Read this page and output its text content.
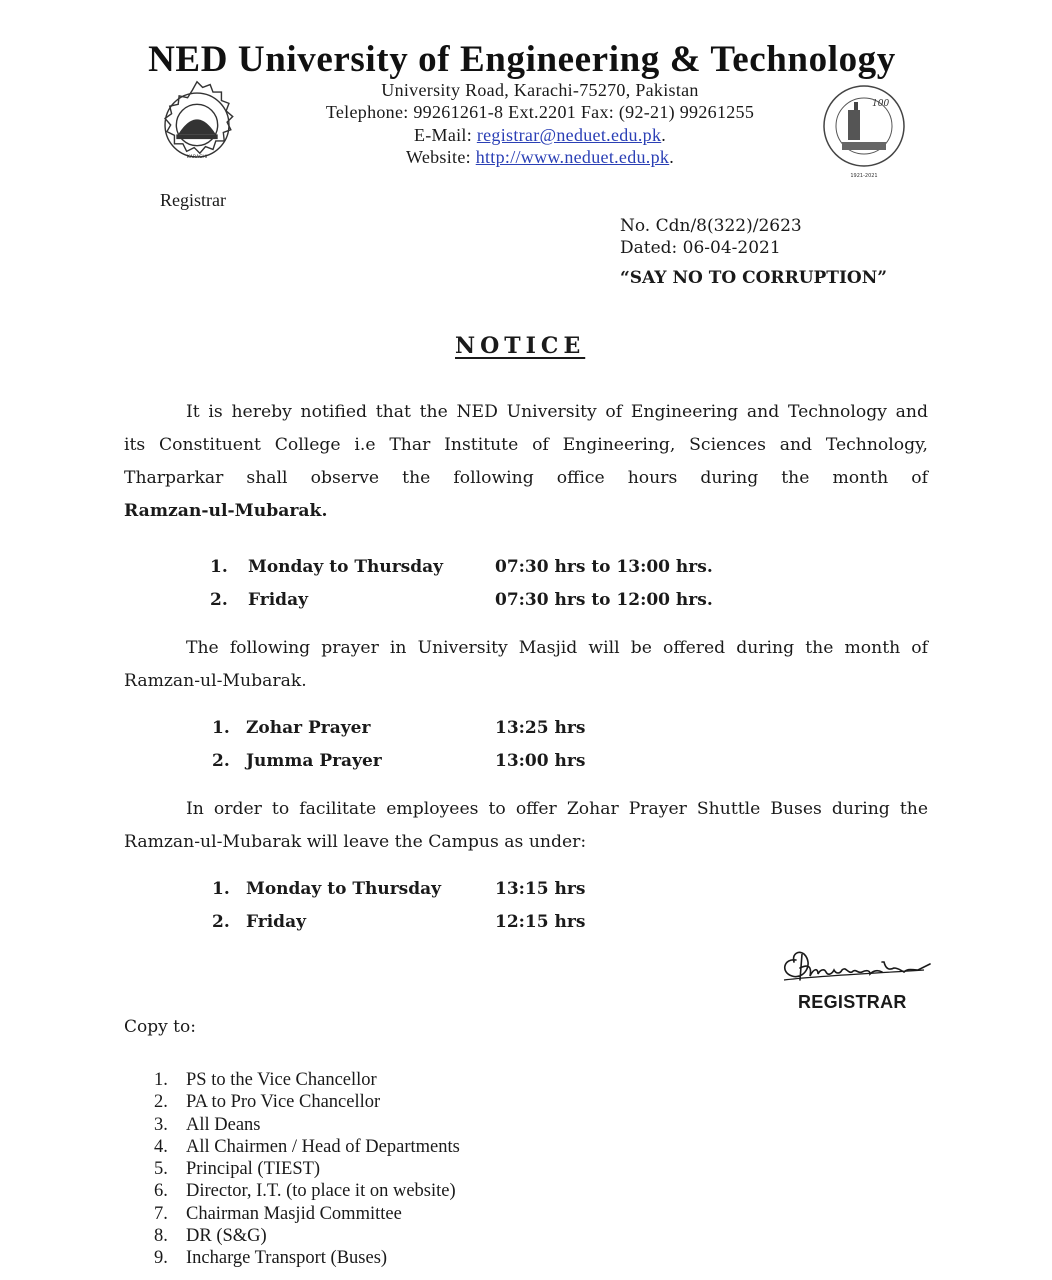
NED University of Engineering & Technology
KARACHI
University Road, Karachi-75270, Pakistan
Telephone: 99261261-8 Ext.2201 Fax: (92-21) 99261255
E-Mail: registrar@neduet.edu.pk.
Website: http://www.neduet.edu.pk.
100
1921-2021
Registrar
No. Cdn/8(322)/2623
Dated: 06-04-2021
“SAY NO TO CORRUPTION”
NOTICE
It is hereby notified that the NED University of Engineering and Technology and
its Constituent College i.e Thar Institute of Engineering, Sciences and Technology,
Tharparkar shall observe the following office hours during the month of
Ramzan-ul-Mubarak.
1. Monday to Thursday	07:30 hrs to 13:00 hrs.
2. Friday	07:30 hrs to 12:00 hrs.
The following prayer in University Masjid will be offered during the month of
Ramzan-ul-Mubarak.
1. Zohar Prayer	13:25 hrs
2. Jumma Prayer	13:00 hrs
In order to facilitate employees to offer Zohar Prayer Shuttle Buses during the
Ramzan-ul-Mubarak will leave the Campus as under:
1. Monday to Thursday	13:15 hrs
2. Friday	12:15 hrs
REGISTRAR
Copy to:
1. PS to the Vice Chancellor
2. PA to Pro Vice Chancellor
3. All Deans
4. All Chairmen / Head of Departments
5. Principal (TIEST)
6. Director, I.T. (to place it on website)
7. Chairman Masjid Committee
8. DR (S&G)
9. Incharge Transport (Buses)
